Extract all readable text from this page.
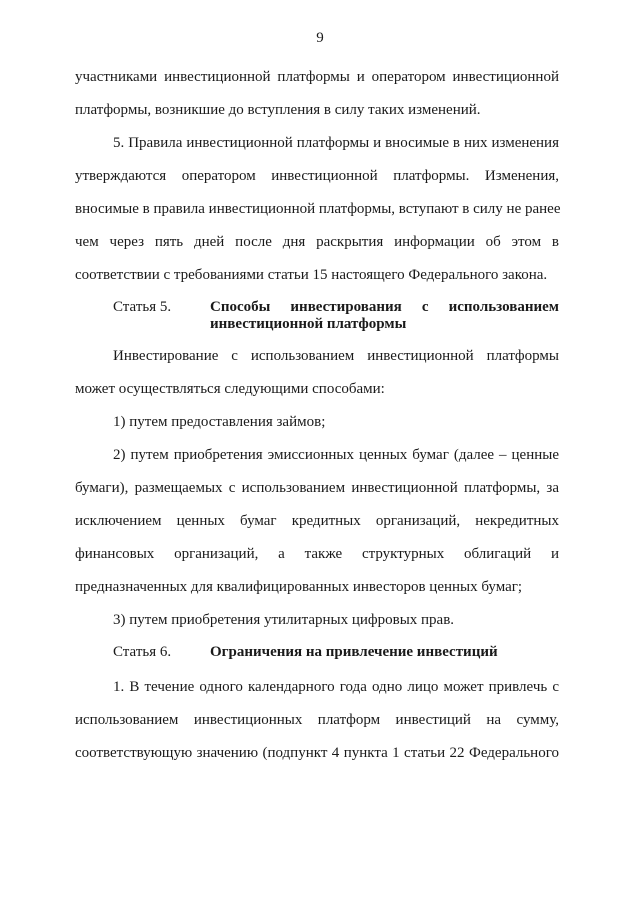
9
участниками инвестиционной платформы и оператором инвестиционной
платформы, возникшие до вступления в силу таких изменений.
5. Правила инвестиционной платформы и вносимые в них изменения
утверждаются оператором инвестиционной платформы. Изменения,
вносимые в правила инвестиционной платформы, вступают в силу не ранее
чем через пять дней после дня раскрытия информации об этом в
соответствии с требованиями статьи 15 настоящего Федерального закона.
Статья 5.	Способы инвестирования с использованием
инвестиционной платформы
Инвестирование с использованием инвестиционной платформы
может осуществляться следующими способами:
1) путем предоставления займов;
2) путем приобретения эмиссионных ценных бумаг (далее – ценные
бумаги), размещаемых с использованием инвестиционной платформы, за
исключением ценных бумаг кредитных организаций, некредитных
финансовых организаций, а также структурных облигаций и
предназначенных для квалифицированных инвесторов ценных бумаг;
3) путем приобретения утилитарных цифровых прав.
Статья 6.	Ограничения на привлечение инвестиций
1. В течение одного календарного года одно лицо может привлечь с
использованием инвестиционных платформ инвестиций на сумму,
соответствующую значению (подпункт 4 пункта 1 статьи 22 Федерального
